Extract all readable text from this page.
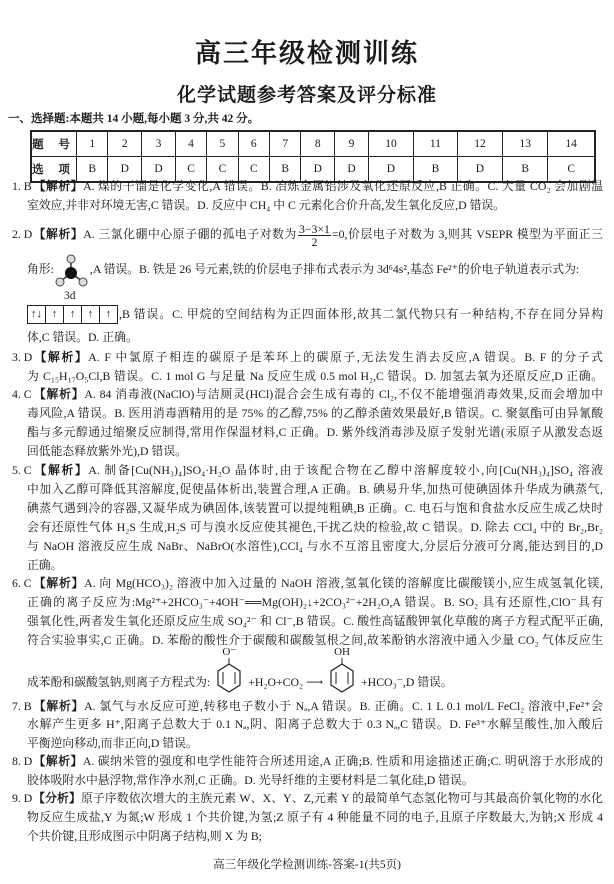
高三年级检测训练
化学试题参考答案及评分标准
一、选择题:本题共 14 小题,每小题 3 分,共 42 分。
题 号	1	2	3	4	5	6	7	8	9	10	11	12	13	14
选 项	B	D	D	C	C	C	B	D	D	D	B	D	B	C
1. B【解析】A. 煤的干馏是化学变化,A 错误。B. 冶炼金属铝涉及氧化还原反应,B 正确。C. 大量 CO₂ 会加剧温
室效应,并非对环境无害,C 错误。D. 反应中 CH₄ 中 C 元素化合价升高,发生氧化反应,D 错误。
2. D【解析】A. 三氯化硼中心原子硼的孤电子对数为 $\frac{3-3\times 1}{2} =0$,价层电子对数为 3,则其 VSEPR 模型为平面正三
角形:	,A 错误。B. 铁是 26 号元素,铁的价层电子排布式表示为 3d⁶4s²,基态 Fe²⁺的价电子轨道表示式为:
3d
↑↓ ↑	↑	↑	↑ ,B 错误。C. 甲烷的空间结构为正四面体形,故其二氯代物只有一种结构,不存在同分异构
体,C 错误。D. 正确。
3. D【解析】A. F 中氯原子相连的碳原子是苯环上的碳原子,无法发生消去反应,A 错误。B. F 的分子式
为 C₁₅H₁₇O₅Cl,B 错误。C. 1 mol G 与足量 Na 反应生成 0.5 mol H₂,C 错误。D. 加氢去氧为还原反应,D 正确。
4. C【解析】A. 84 消毒液(NaClO)与洁厕灵(HCl)混合会生成有毒的 Cl₂,不仅不能增强消毒效果,反而会增加中
毒风险,A 错误。B. 医用消毒酒精用的是 75% 的乙醇,75% 的乙醇杀菌效果最好,B 错误。C. 聚氨酯可由异氰酸
酯与多元醇通过缩聚反应制得,常用作保温材料,C 正确。D. 紫外线消毒涉及原子发射光谱(汞原子从激发态返
回低能态释放紫外光),D 错误。
5. C【解析】A. 制备[Cu(NH₃)₄]SO₄·H₂O 晶体时,由于该配合物在乙醇中溶解度较小,向[Cu(NH₃)₄]SO₄ 溶液
中加入乙醇可降低其溶解度,促使晶体析出,装置合理,A 正确。B. 碘易升华,加热可使碘固体升华成为碘蒸气,
碘蒸气遇到冷的容器,又凝华成为碘固体,该装置可以提纯粗碘,B 正确。C. 电石与饱和食盐水反应生成乙炔时
会有还原性气体 H₂S 生成,H₂S 可与溴水反应使其褪色,干扰乙炔的检验,故 C 错误。D. 除去 CCl₄ 中的 Br₂,Br₂
与 NaOH 溶液反应生成 NaBr、NaBrO(水溶性),CCl₄ 与水不互溶且密度大,分层后分液可分离,能达到目的,D
正确。
6. C【解析】A. 向 Mg(HCO₃)₂ 溶液中加入过量的 NaOH 溶液,氢氧化镁的溶解度比碳酸镁小,应生成氢氧化镁,
正确的离子反应为:Mg²⁺+2HCO₃⁻+4OH⁻══Mg(OH)₂↓+2CO₃²⁻+2H₂O,A 错误。B. SO₂ 具有还原性,ClO⁻具有
强氧化性,两者发生氧化还原反应生成 SO₄²⁻ 和 Cl⁻,B 错误。C. 酸性高锰酸钾氧化草酸的离子方程式配平正确,
符合实验事实,C 正确。D. 苯酚的酸性介于碳酸和碳酸氢根之间,故苯酚钠水溶液中通入少量 CO₂ 气体反应生
成苯酚和碳酸氢钠,则离子方程式为:
O⁻
+H₂O+CO₂ ⟶
OH
+HCO₃⁻,D 错误。
7. B【解析】A. 氯气与水反应可逆,转移电子数小于 Nₐ,A 错误。B. 正确。C. 1 L 0.1 mol/L FeCl₂ 溶液中,Fe²⁺会
水解产生更多 H⁺,阳离子总数大于 0.1 Nₐ,阴、阳离子总数大于 0.3 Nₐ,C 错误。D. Fe³⁺水解呈酸性,加入酸后
平衡逆向移动,而非正向,D 错误。
8. D【解析】A. 碳纳米管的强度和电学性能符合所述用途,A 正确;B. 性质和用途描述正确;C. 明矾溶于水形成的
胶体吸附水中悬浮物,常作净水剂,C 正确。D. 光导纤维的主要材料是二氧化硅,D 错误。
9. D【分析】原子序数依次增大的主族元素 W、X、Y、Z,元素 Y 的最简单气态氢化物可与其最高价氧化物的水化
物反应生成盐,Y 为氮;W 形成 1 个共价键,为氢;Z 原子有 4 种能量不同的电子,且原子序数最大,为钠;X 形成 4
个共价键,且形成图示中阴离子结构,则 X 为 B;
高三年级化学检测训练-答案-1(共5页)
